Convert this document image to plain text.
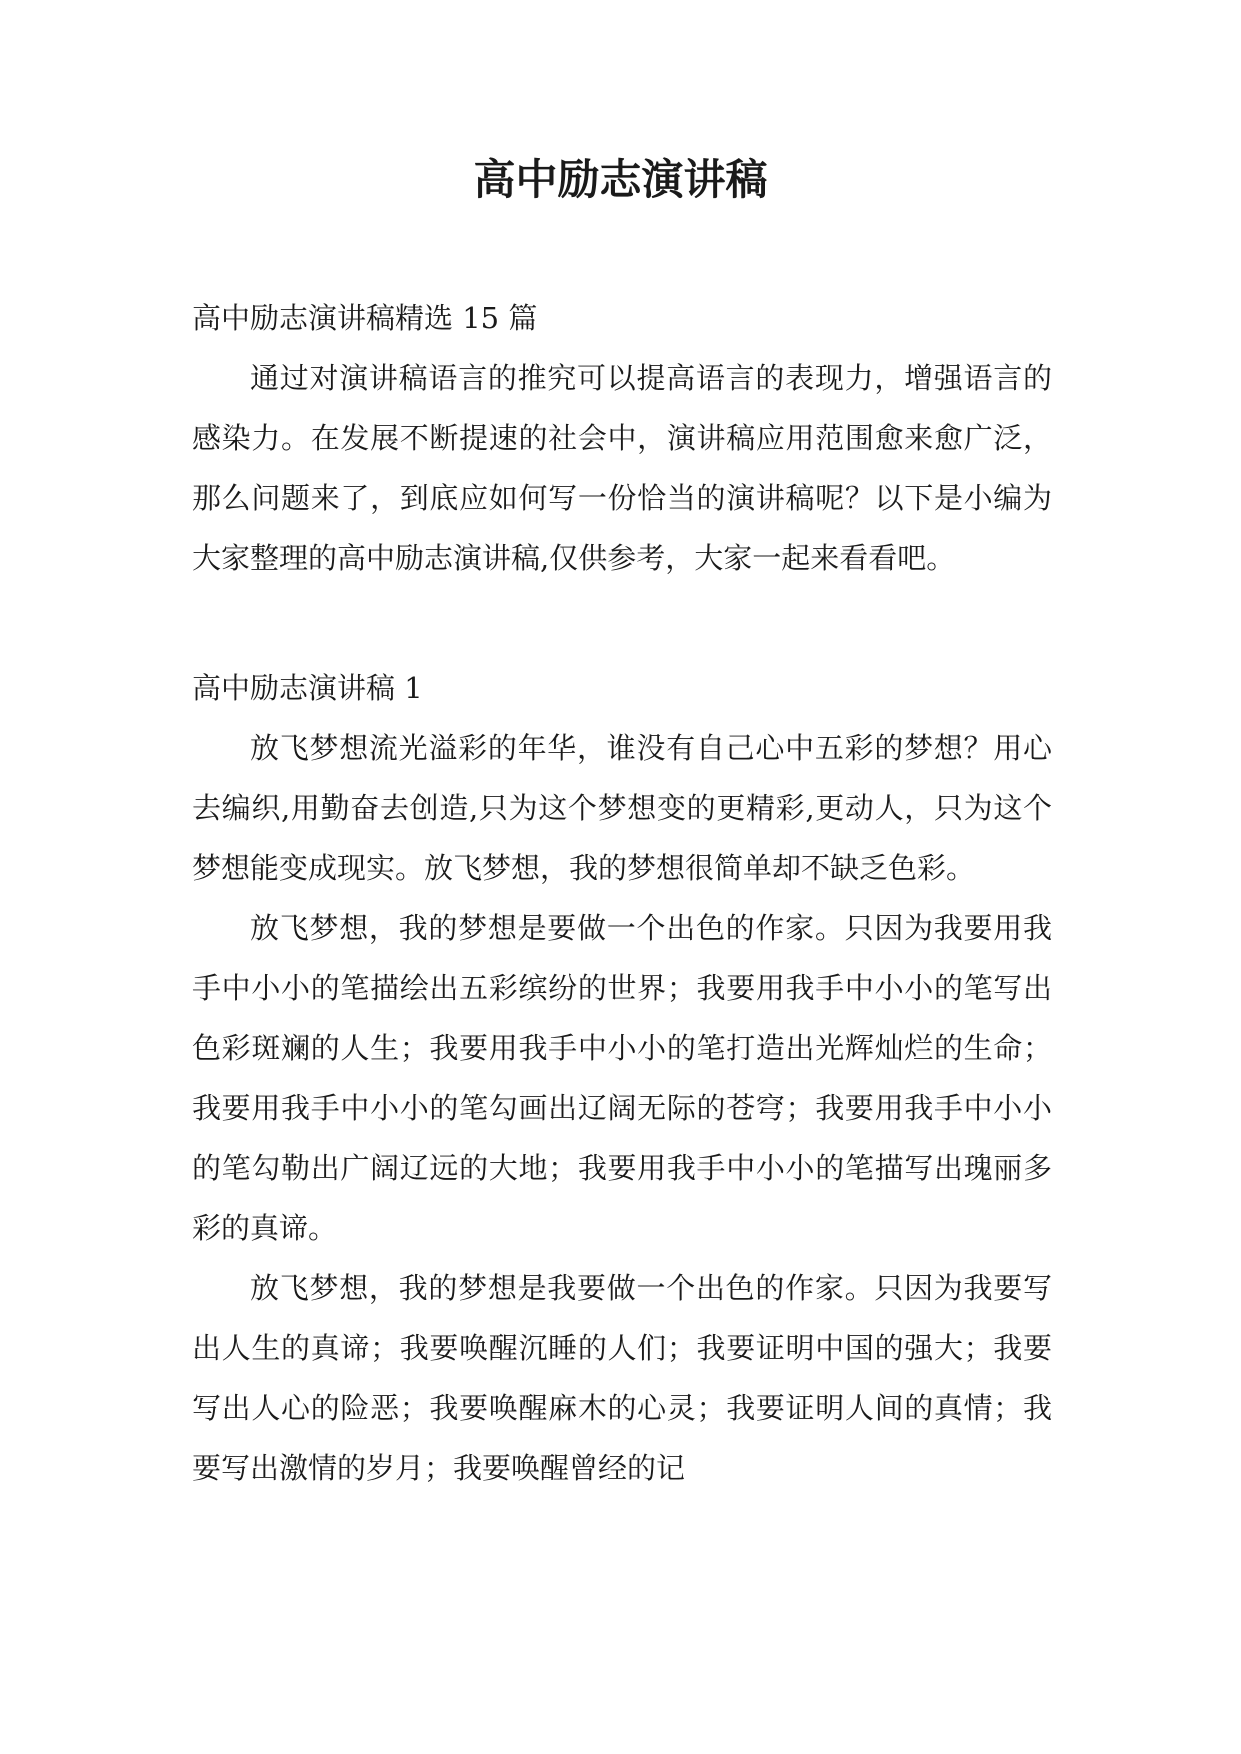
高中励志演讲稿

高中励志演讲稿精选 15 篇

通过对演讲稿语言的推究可以提高语言的表现力，增强语言的感染力。在发展不断提速的社会中，演讲稿应用范围愈来愈广泛，那么问题来了，到底应如何写一份恰当的演讲稿呢？以下是小编为大家整理的高中励志演讲稿,仅供参考，大家一起来看看吧。

高中励志演讲稿 1

放飞梦想流光溢彩的年华，谁没有自己心中五彩的梦想？用心去编织,用勤奋去创造,只为这个梦想变的更精彩,更动人，只为这个梦想能变成现实。放飞梦想，我的梦想很简单却不缺乏色彩。

放飞梦想，我的梦想是要做一个出色的作家。只因为我要用我手中小小的笔描绘出五彩缤纷的世界；我要用我手中小小的笔写出色彩斑斓的人生；我要用我手中小小的笔打造出光辉灿烂的生命；我要用我手中小小的笔勾画出辽阔无际的苍穹；我要用我手中小小的笔勾勒出广阔辽远的大地；我要用我手中小小的笔描写出瑰丽多彩的真谛。

放飞梦想，我的梦想是我要做一个出色的作家。只因为我要写出人生的真谛；我要唤醒沉睡的人们；我要证明中国的强大；我要写出人心的险恶；我要唤醒麻木的心灵；我要证明人间的真情；我要写出激情的岁月；我要唤醒曾经的记
